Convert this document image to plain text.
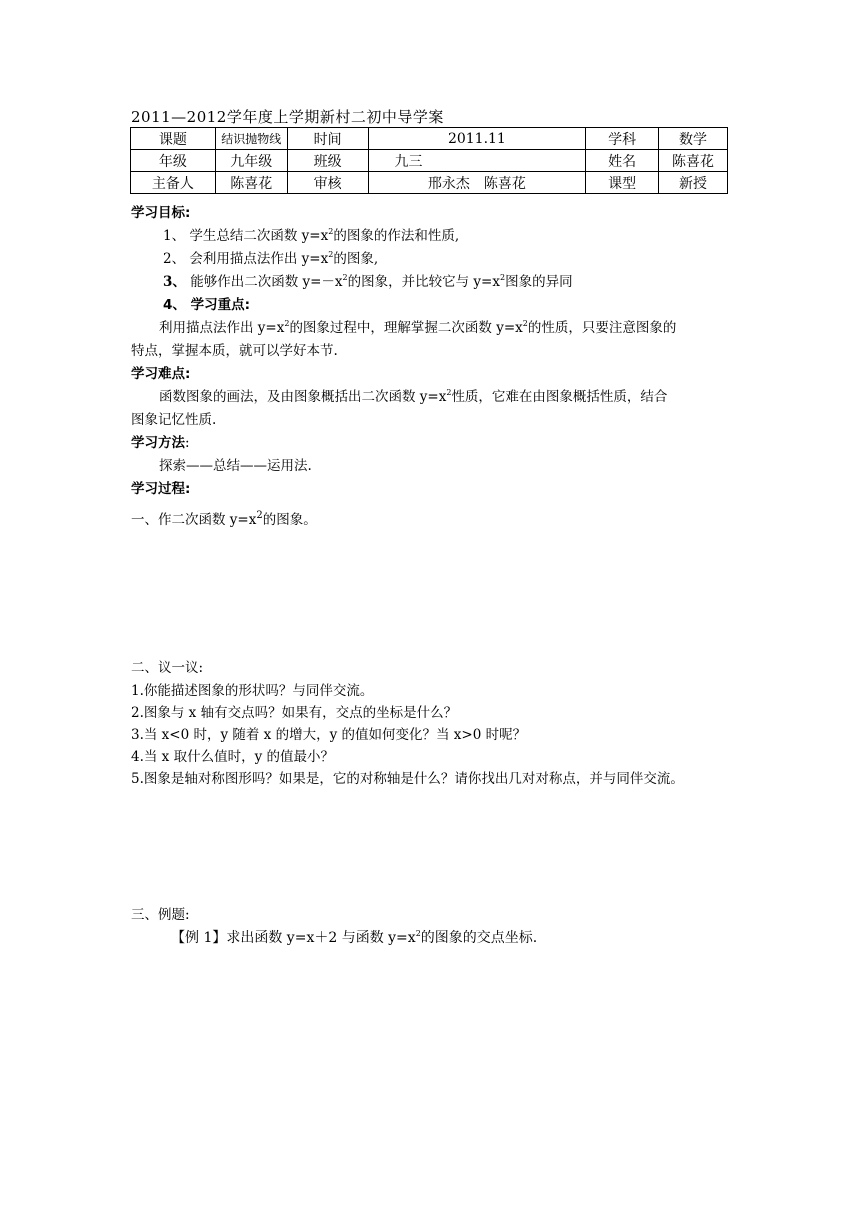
2011—2012学年度上学期新村二初中导学案
课题	结识抛物线	时间	2011.11	学科	数学
年级	九年级	班级	九三	姓名	陈喜花
主备人	陈喜花	审核	邢永杰　陈喜花	课型	新授
学习目标:
1、 学生总结二次函数 $y=x^2$的图象的作法和性质,
2、 会利用描点法作出 $y=x^2$的图象,
3、 能够作出二次函数 $y=-x^2$的图象，并比较它与 $y=x^2$图象的异同
4、 学习重点:
利用描点法作出 $y=x^2$的图象过程中，理解掌握二次函数 $y=x^2$的性质，只要注意图象的
特点，掌握本质，就可以学好本节.
学习难点:
函数图象的画法，及由图象概括出二次函数 $y=x^2$性质，它难在由图象概括性质，结合
图象记忆性质.
学习方法:
探索——总结——运用法.
学习过程:
一、作二次函数 $y=x^2$的图象。
二、议一议:
1.你能描述图象的形状吗？与同伴交流。
2.图象与 x 轴有交点吗？如果有，交点的坐标是什么？
3.当 x<0 时，y 随着 x 的增大，y 的值如何变化？当 x>0 时呢？
4.当 x 取什么值时，y 的值最小？
5.图象是轴对称图形吗？如果是，它的对称轴是什么？请你找出几对对称点，并与同伴交流。
三、例题:
【例 1】求出函数 y=x＋2 与函数 $y=x^2$的图象的交点坐标.
